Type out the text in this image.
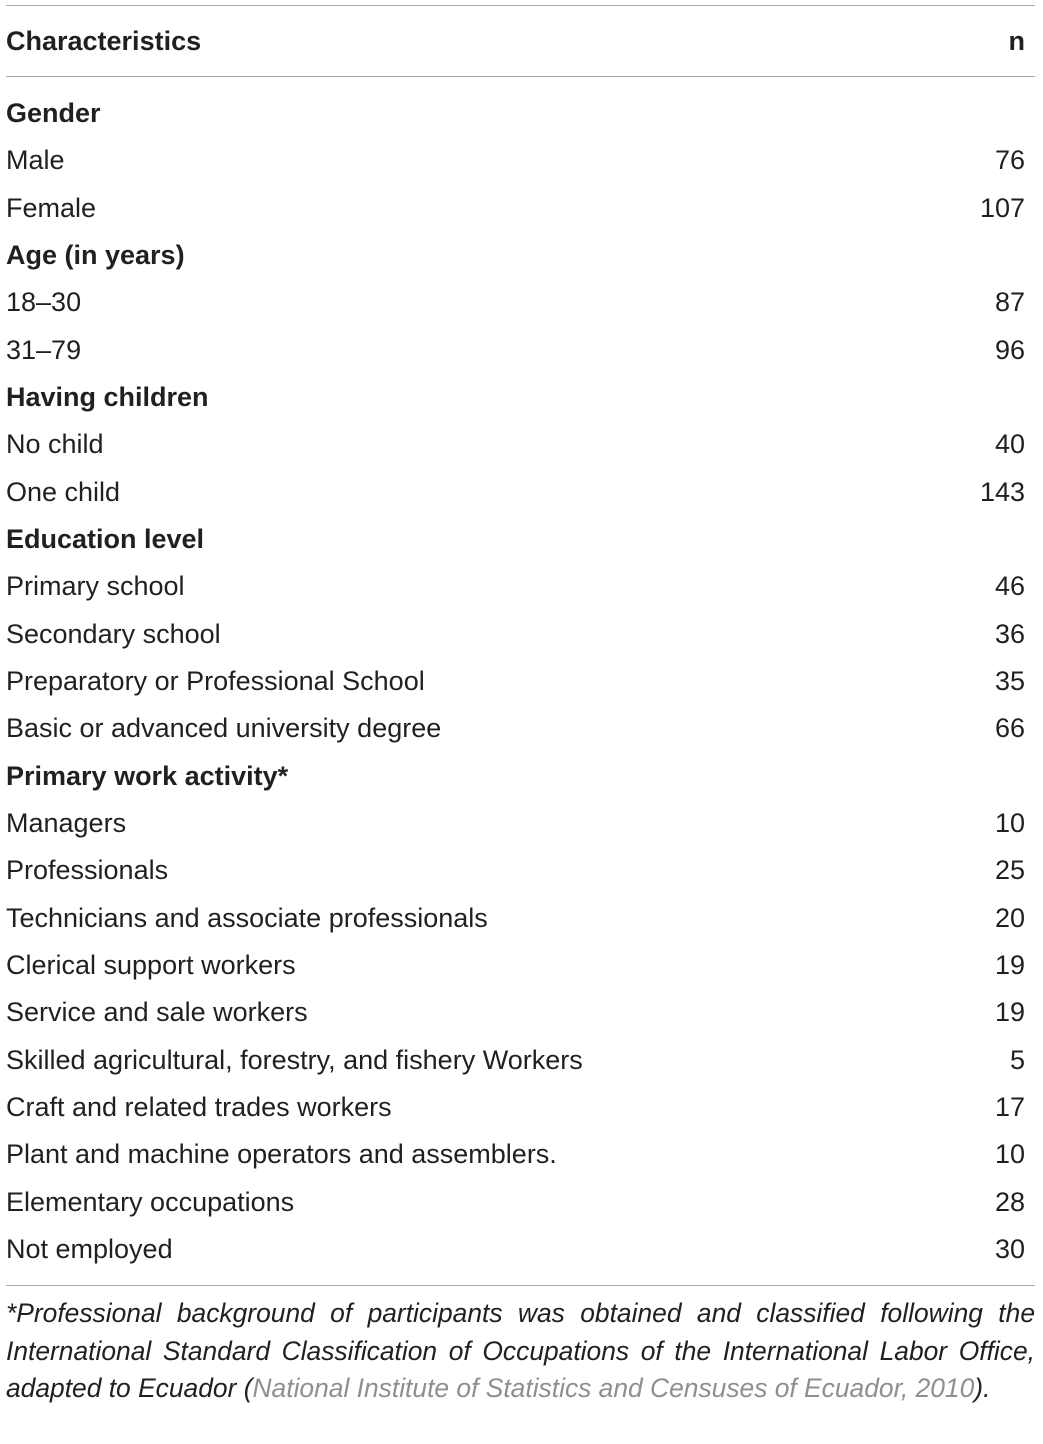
Characteristics	n
Gender
Male	76
Female	107
Age (in years)
18–30	87
31–79	96
Having children
No child	40
One child	143
Education level
Primary school	46
Secondary school	36
Preparatory or Professional School	35
Basic or advanced university degree	66
Primary work activity*
Managers	10
Professionals	25
Technicians and associate professionals	20
Clerical support workers	19
Service and sale workers	19
Skilled agricultural, forestry, and fishery Workers	5
Craft and related trades workers	17
Plant and machine operators and assemblers.	10
Elementary occupations	28
Not employed	30

*Professional background of participants was obtained and classified following the International Standard Classification of Occupations of the International Labor Office, adapted to Ecuador (National Institute of Statistics and Censuses of Ecuador, 2010).
